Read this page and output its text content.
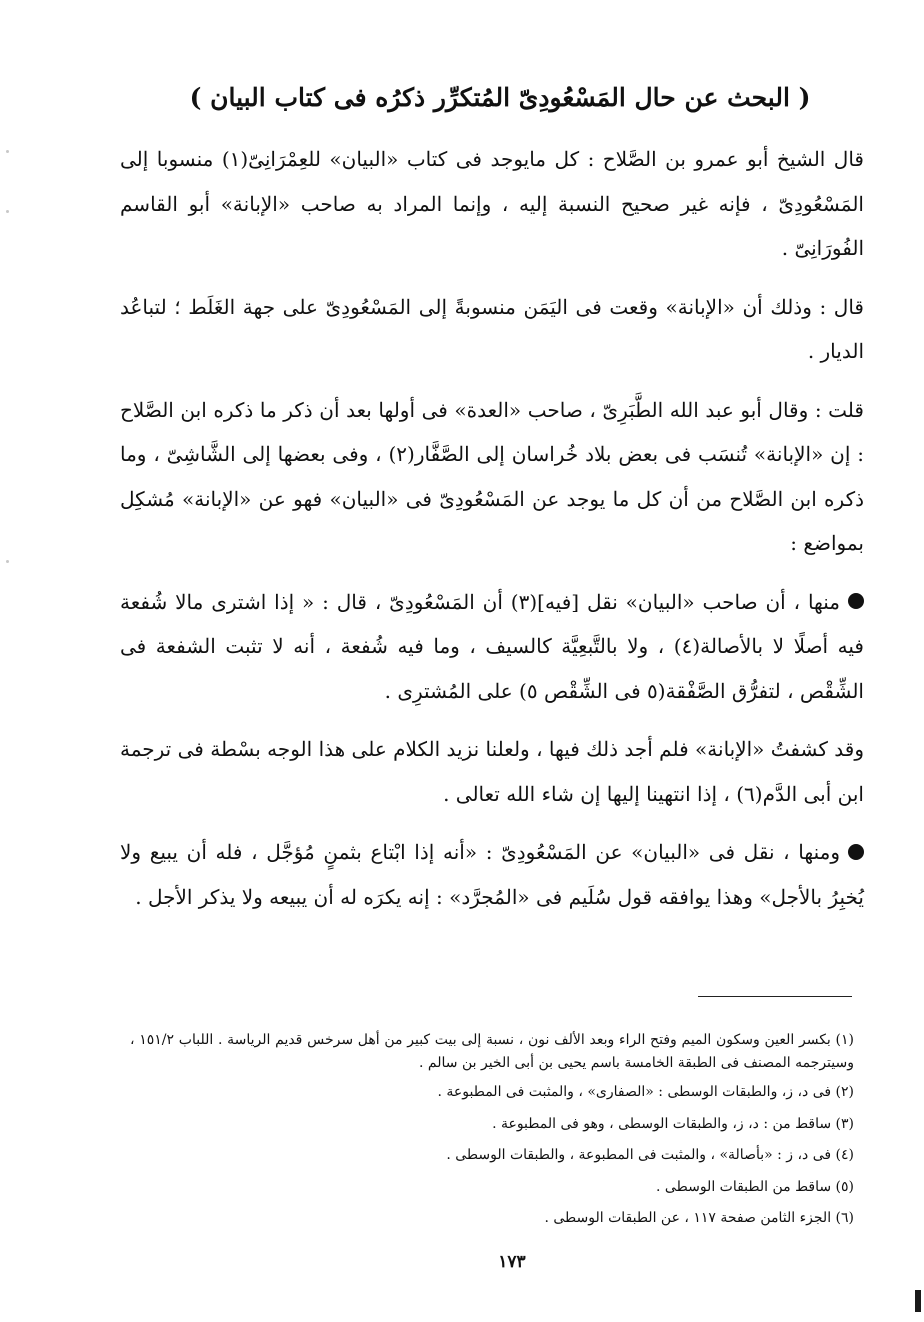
( البحث عن حال المَسْعُودِىّ المُتكرِّر ذكرُه فى كتاب البيان )

قال الشيخ أبو عمرو بن الصَّلاح : كل مايوجد فى كتاب «البيان» للعِمْرَانِىّ(١) منسوبا إلى المَسْعُودِىّ ، فإنه غير صحيح النسبة إليه ، وإنما المراد به صاحب «الإبانة» أبو القاسم الفُورَانِىّ .

قال : وذلك أن «الإبانة» وقعت فى اليَمَن منسوبةً إلى المَسْعُودِىّ على جهة الغَلَط ؛ لتباعُد الديار .

قلت : وقال أبو عبد الله الطَّبَرِىّ ، صاحب «العدة» فى أولها بعد أن ذكر ما ذكره ابن الصَّلاح : إن «الإبانة» تُنسَب فى بعض بلاد خُراسان إلى الصَّفَّار(٢) ، وفى بعضها إلى الشَّاشِىّ ، وما ذكره ابن الصَّلاح من أن كل ما يوجد عن المَسْعُودِىّ فى «البيان» فهو عن «الإبانة» مُشكِل بمواضع :

منها ، أن صاحب «البيان» نقل [فيه](٣) أن المَسْعُودِىّ ، قال : « إذا اشترى مالا شُفعة فيه أصلًا لا بالأصالة(٤) ، ولا بالتَّبعِيَّة كالسيف ، وما فيه شُفعة ، أنه لا تثبت الشفعة فى الشِّقْص ، لتفرُّق الصَّفْقة(٥ فى الشِّقْص ٥) على المُشترِى .

وقد كشفتُ «الإبانة» فلم أجد ذلك فيها ، ولعلنا نزيد الكلام على هذا الوجه بسْطة فى ترجمة ابن أبى الدَّم(٦) ، إذا انتهينا إليها إن شاء الله تعالى .

ومنها ، نقل فى «البيان» عن المَسْعُودِىّ : «أنه إذا ابْتاع بثمنٍ مُؤجَّل ، فله أن يبيع ولا يُخبِرُ بالأجل» وهذا يوافقه قول سُلَيم فى «المُجرَّد» : إنه يكرَه له أن يبيعه ولا يذكر الأجل .

(١) بكسر العين وسكون الميم وفتح الراء وبعد الألف نون ، نسبة إلى بيت كبير من أهل سرخس قديم الرياسة . اللباب ١٥١/٢ ، وسيترجمه المصنف فى الطبقة الخامسة باسم يحيى بن أبى الخير بن سالم .

(٢) فى د، ز، والطبقات الوسطى : «الصفارى» ، والمثبت فى المطبوعة .

(٣) ساقط من : د، ز، والطبقات الوسطى ، وهو فى المطبوعة .

(٤) فى د، ز : «بأصالة» ، والمثبت فى المطبوعة ، والطبقات الوسطى .

(٥) ساقط من الطبقات الوسطى .

(٦) الجزء الثامن صفحة ١١٧ ، عن الطبقات الوسطى .

١٧٣
